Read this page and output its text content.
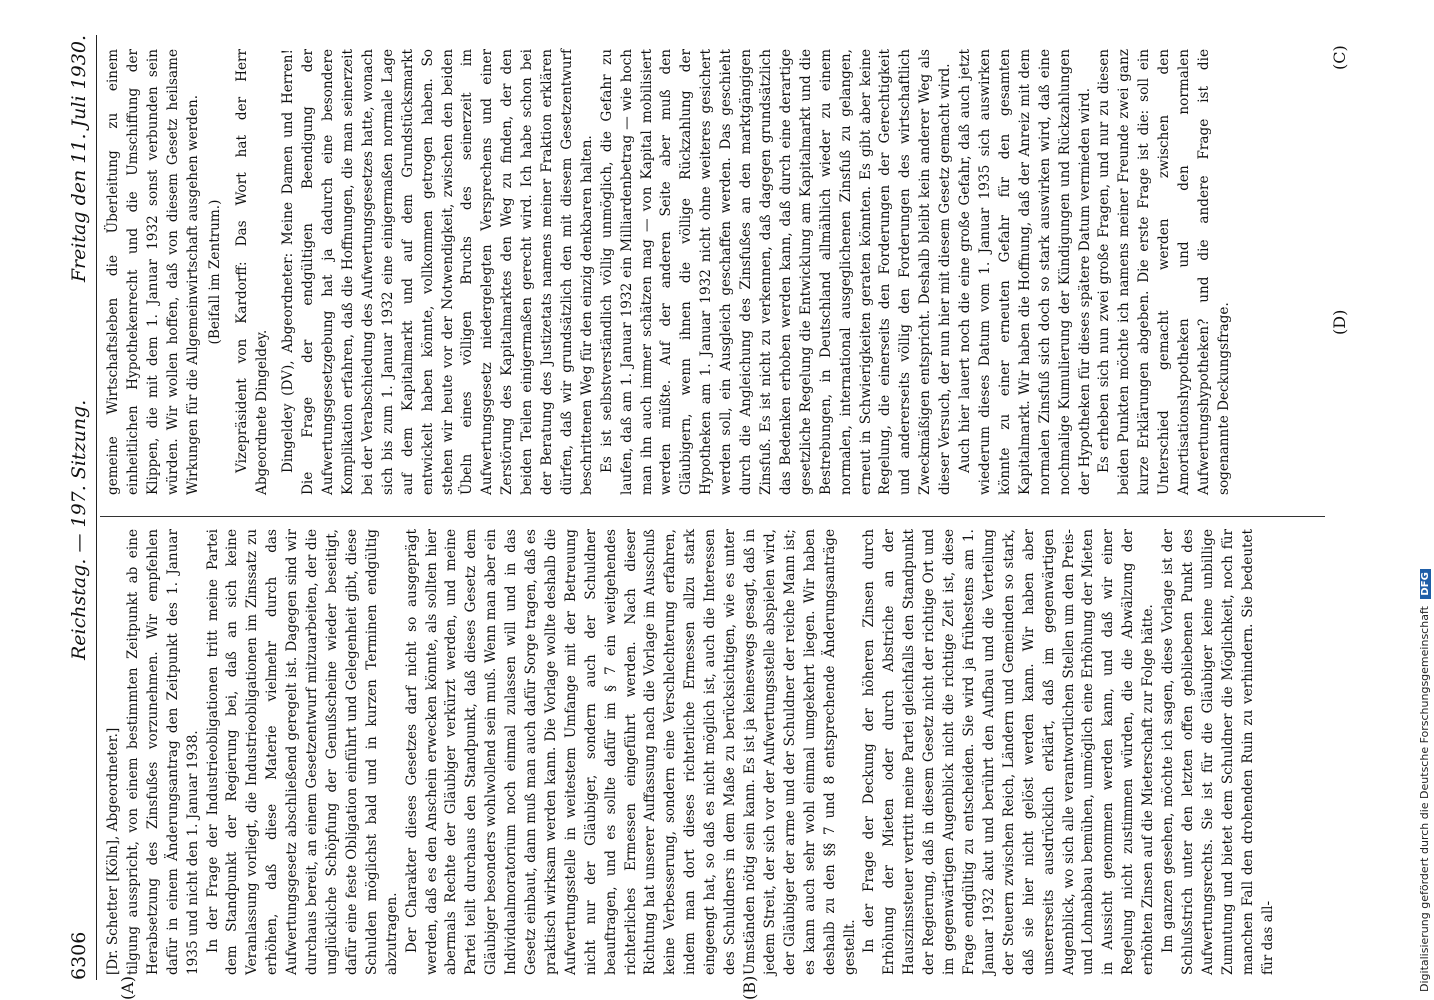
6306
Reichstag. — 197. Sitzung.
Freitag den 11. Juli 1930.

[Dr. Schetter [Köln], Abgeordneter.] tilgung ausspricht, von einem bestimmten Zeitpunkt ab eine Herabsetzung des Zinsfußes vorzunehmen. Wir empfehlen dafür in einem Änderungsantrag den Zeitpunkt des 1. Januar 1935 und nicht den 1. Januar 1938. In der Frage der Industrieobligationen tritt meine Partei dem Standpunkt der Regierung bei, daß an sich keine Veranlassung vorliegt, die Industrieobligationen im Zinssatz zu erhöhen, daß diese Materie vielmehr durch das Aufwertungsgesetz abschließend geregelt ist. Dagegen sind wir durchaus bereit, an einem Gesetzentwurf mitzuarbeiten, der die unglückliche Schöpfung der Genußscheine wieder beseitigt, dafür eine feste Obligation einführt und Gelegenheit gibt, diese Schulden möglichst bald und in kurzen Terminen endgültig abzutragen. Der Charakter dieses Gesetzes darf nicht so ausgeprägt werden, daß es den Anschein erwecken könnte, als sollten hier abermals Rechte der Gläubiger verkürzt werden, und meine Partei teilt durchaus den Standpunkt, daß dieses Gesetz dem Gläubiger besonders wohlwollend sein muß. Wenn man aber ein Individualmoratorium noch einmal zulassen will und in das Gesetz einbaut, dann muß man auch dafür Sorge tragen, daß es praktisch wirksam werden kann. Die Vorlage wollte deshalb die Aufwertungsstelle in weitestem Umfange mit der Betreuung nicht nur der Gläubiger, sondern auch der Schuldner beauftragen, und es sollte dafür im § 7 ein weitgehendes richterliches Ermessen eingeführt werden. Nach dieser Richtung hat unserer Auffassung nach die Vorlage im Ausschuß keine Verbesserung, sondern eine Verschlechterung erfahren, indem man dort dieses richterliche Ermessen allzu stark eingeengt hat, so daß es nicht möglich ist, auch die Interessen des Schuldners in dem Maße zu berücksichtigen, wie es unter Umständen nötig sein kann. Es ist ja keineswegs gesagt, daß in jedem Streit, der sich vor der Aufwertungsstelle abspielen wird, der Gläubiger der arme und der Schuldner der reiche Mann ist; es kann auch sehr wohl einmal umgekehrt liegen. Wir haben deshalb zu den §§ 7 und 8 entsprechende Änderungsanträge gestellt. In der Frage der Deckung der höheren Zinsen durch Erhöhung der Mieten oder durch Abstriche an der Hauszinssteuer vertritt meine Partei gleichfalls den Standpunkt der Regierung, daß in diesem Gesetz nicht der richtige Ort und im gegenwärtigen Augenblick nicht die richtige Zeit ist, diese Frage endgültig zu entscheiden. Sie wird ja frühestens am 1. Januar 1932 akut und berührt den Aufbau und die Verteilung der Steuern zwischen Reich, Ländern und Gemeinden so stark, daß sie hier nicht gelöst werden kann. Wir haben aber unsererseits ausdrücklich erklärt, daß im gegenwärtigen Augenblick, wo sich alle verantwortlichen Stellen um den Preis- und Lohnabbau bemühen, unmöglich eine Erhöhung der Mieten in Aussicht genommen werden kann, und daß wir einer Regelung nicht zustimmen würden, die die Abwälzung der erhöhten Zinsen auf die Mieterschaft zur Folge hätte. Im ganzen gesehen, möchte ich sagen, diese Vorlage ist der Schlußstrich unter den letzten offen gebliebenen Punkt des Aufwertungsrechts. Sie ist für die Gläubiger keine unbillige Zumutung und bietet dem Schuldner die Möglichkeit, noch für manchen Fall den drohenden Ruin zu verhindern. Sie bedeutet für das all-

gemeine Wirtschaftsleben die Überleitung zu einem einheitlichen Hypothekenrecht und die Umschiffung der Klippen, die mit dem 1. Januar 1932 sonst verbunden sein würden. Wir wollen hoffen, daß von diesem Gesetz heilsame Wirkungen für die Allgemeinwirtschaft ausgehen werden. (Beifall im Zentrum.) Vizepräsident von Kardorff: Das Wort hat der Herr Abgeordnete Dingeldey. Dingeldey (DV), Abgeordneter: Meine Damen und Herren! Die Frage der endgültigen Beendigung der Aufwertungsgesetzgebung hat ja dadurch eine besondere Komplikation erfahren, daß die Hoffnungen, die man seinerzeit bei der Verabschiedung des Aufwertungsgesetzes hatte, wonach sich bis zum 1. Januar 1932 eine einigermaßen normale Lage auf dem Kapitalmarkt und auf dem Grundstücksmarkt entwickelt haben könnte, vollkommen getrogen haben. So stehen wir heute vor der Notwendigkeit, zwischen den beiden Übeln eines völligen Bruchs des seinerzeit im Aufwertungsgesetz niedergelegten Versprechens und einer Zerstörung des Kapitalmarktes den Weg zu finden, der den beiden Teilen einigermaßen gerecht wird. Ich habe schon bei der Beratung des Justizetats namens meiner Fraktion erklären dürfen, daß wir grundsätzlich den mit diesem Gesetzentwurf beschrittenen Weg für den einzig denkbaren halten. Es ist selbstverständlich völlig unmöglich, die Gefahr zu laufen, daß am 1. Januar 1932 ein Milliardenbetrag — wie hoch man ihn auch immer schätzen mag — von Kapital mobilisiert werden müßte. Auf der anderen Seite aber muß den Gläubigern, wenn ihnen die völlige Rückzahlung der Hypotheken am 1. Januar 1932 nicht ohne weiteres gesichert werden soll, ein Ausgleich geschaffen werden. Das geschieht durch die Angleichung des Zinsfußes an den marktgängigen Zinsfuß. Es ist nicht zu verkennen, daß dagegen grundsätzlich das Bedenken erhoben werden kann, daß durch eine derartige gesetzliche Regelung die Entwicklung am Kapitalmarkt und die Bestrebungen, in Deutschland allmählich wieder zu einem normalen, international ausgeglichenen Zinsfuß zu gelangen, erneut in Schwierigkeiten geraten könnten. Es gibt aber keine Regelung, die einerseits den Forderungen der Gerechtigkeit und andererseits völlig den Forderungen des wirtschaftlich Zweckmäßigen entspricht. Deshalb bleibt kein anderer Weg als dieser Versuch, der nun hier mit diesem Gesetz gemacht wird. Auch hier lauert noch die eine große Gefahr, daß auch jetzt wiederum dieses Datum vom 1. Januar 1935 sich auswirken könnte zu einer erneuten Gefahr für den gesamten Kapitalmarkt. Wir haben die Hoffnung, daß der Anreiz mit dem normalen Zinsfuß sich doch so stark auswirken wird, daß eine nochmalige Kumulierung der Kündigungen und Rückzahlungen der Hypotheken für dieses spätere Datum vermieden wird. Es erheben sich nun zwei große Fragen, und nur zu diesen beiden Punkten möchte ich namens meiner Freunde zwei ganz kurze Erklärungen abgeben. Die erste Frage ist die: soll ein Unterschied gemacht werden zwischen den Amortisationshypotheken und den normalen Aufwertungshypotheken? und die andere Frage ist die sogenannte Deckungsfrage.

(A)	(B)
(C)
(D)
Digitalisierung gefördert durch die Deutsche Forschungsgemeinschaft DFG
